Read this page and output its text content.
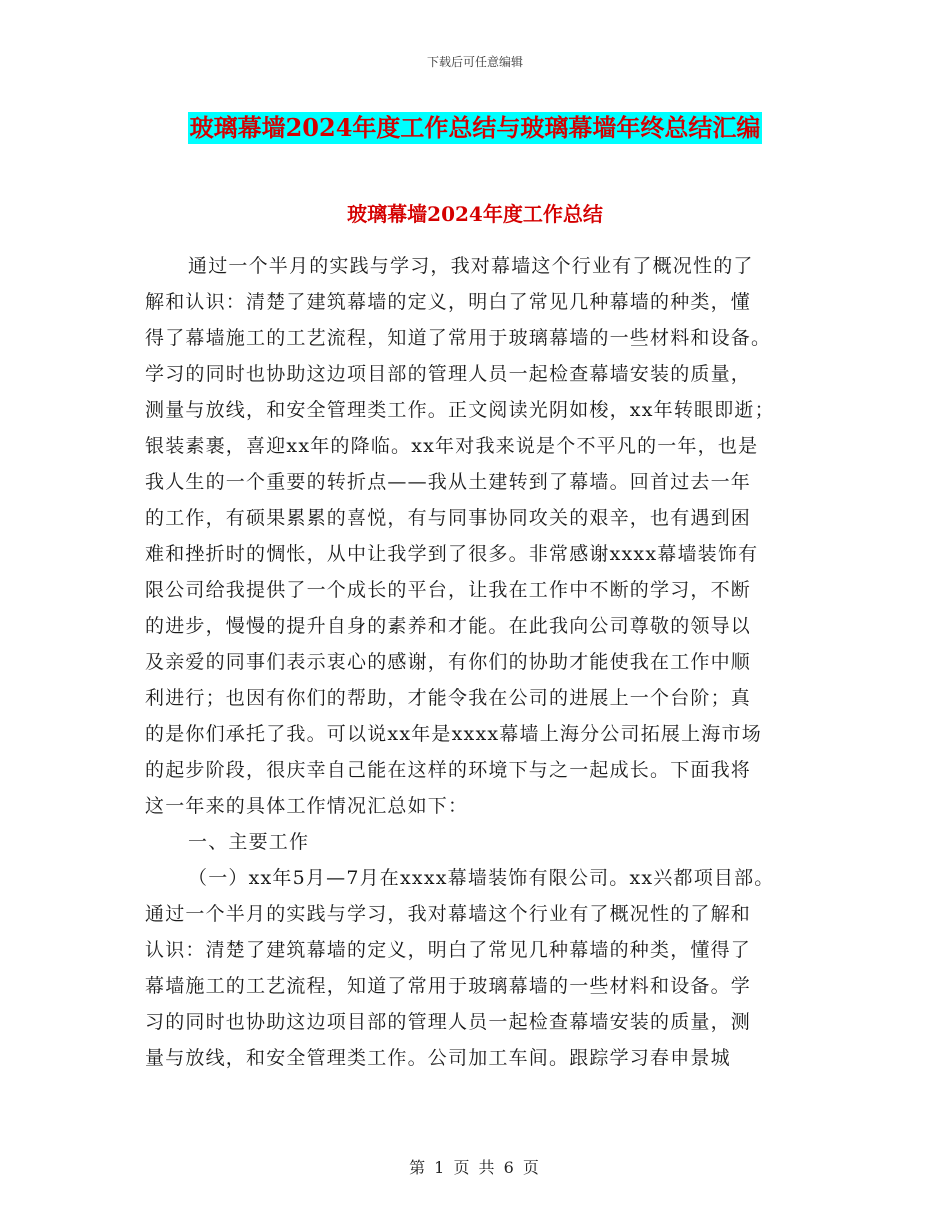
下载后可任意编辑
玻璃幕墙2024年度工作总结与玻璃幕墙年终总结汇编
玻璃幕墙2024年度工作总结
通过一个半月的实践与学习，我对幕墙这个行业有了概况性的了
解和认识：清楚了建筑幕墙的定义，明白了常见几种幕墙的种类，懂
得了幕墙施工的工艺流程，知道了常用于玻璃幕墙的一些材料和设备。
学习的同时也协助这边项目部的管理人员一起检查幕墙安装的质量，
测量与放线，和安全管理类工作。正文阅读光阴如梭，xx年转眼即逝；
银装素裹，喜迎xx年的降临。xx年对我来说是个不平凡的一年，也是
我人生的一个重要的转折点——我从土建转到了幕墙。回首过去一年
的工作，有硕果累累的喜悦，有与同事协同攻关的艰辛，也有遇到困
难和挫折时的惆怅，从中让我学到了很多。非常感谢xxxx幕墙装饰有
限公司给我提供了一个成长的平台，让我在工作中不断的学习，不断
的进步，慢慢的提升自身的素养和才能。在此我向公司尊敬的领导以
及亲爱的同事们表示衷心的感谢，有你们的协助才能使我在工作中顺
利进行；也因有你们的帮助，才能令我在公司的进展上一个台阶；真
的是你们承托了我。可以说xx年是xxxx幕墙上海分公司拓展上海市场
的起步阶段，很庆幸自己能在这样的环境下与之一起成长。下面我将
这一年来的具体工作情况汇总如下：
一、主要工作
（一）xx年5月—7月在xxxx幕墙装饰有限公司。xx兴都项目部。
通过一个半月的实践与学习，我对幕墙这个行业有了概况性的了解和
认识：清楚了建筑幕墙的定义，明白了常见几种幕墙的种类，懂得了
幕墙施工的工艺流程，知道了常用于玻璃幕墙的一些材料和设备。学
习的同时也协助这边项目部的管理人员一起检查幕墙安装的质量，测
量与放线，和安全管理类工作。公司加工车间。跟踪学习春申景城
第 1 页 共 6 页
